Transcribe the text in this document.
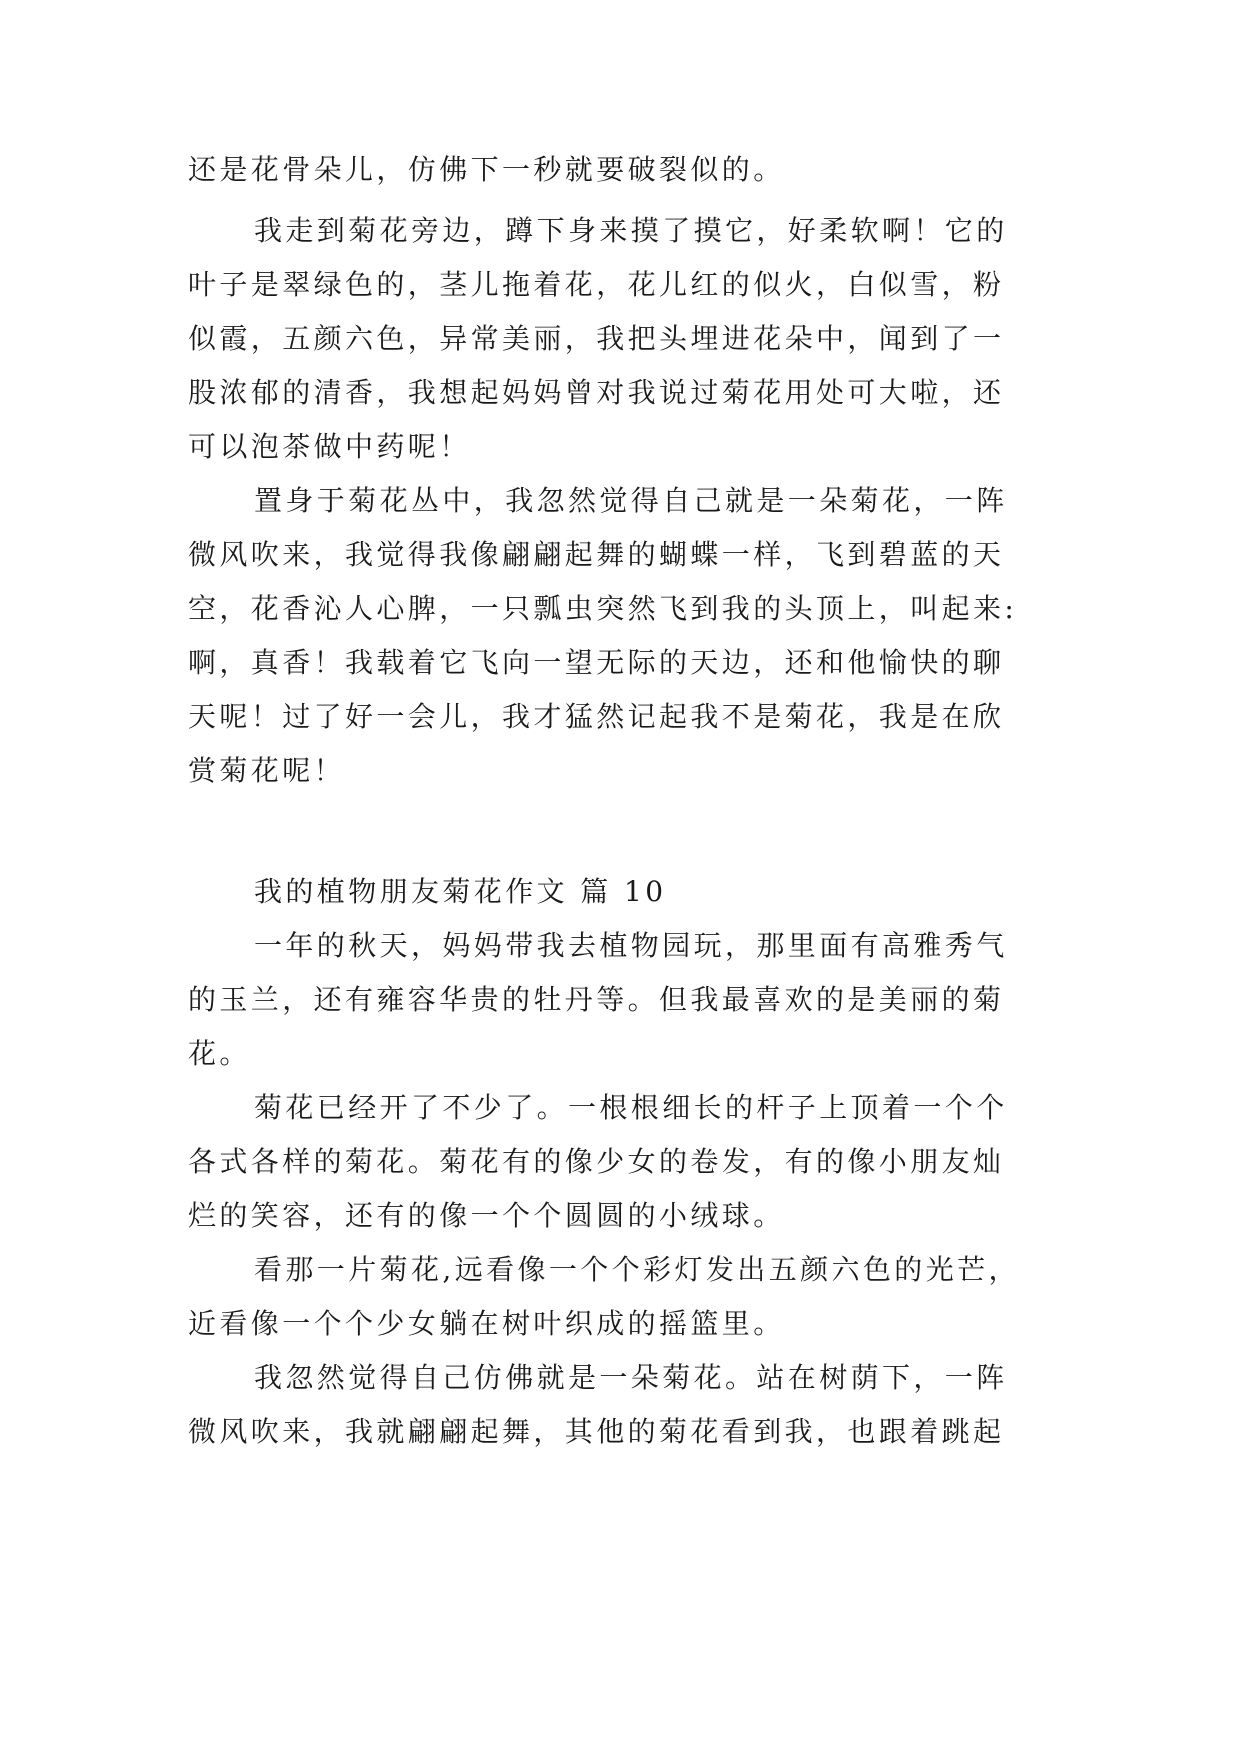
还是花骨朵儿，仿佛下一秒就要破裂似的。
我走到菊花旁边，蹲下身来摸了摸它，好柔软啊！它的
叶子是翠绿色的，茎儿拖着花，花儿红的似火，白似雪，粉
似霞，五颜六色，异常美丽，我把头埋进花朵中，闻到了一
股浓郁的清香，我想起妈妈曾对我说过菊花用处可大啦，还
可以泡茶做中药呢！
置身于菊花丛中，我忽然觉得自己就是一朵菊花，一阵
微风吹来，我觉得我像翩翩起舞的蝴蝶一样，飞到碧蓝的天
空，花香沁人心脾，一只瓢虫突然飞到我的头顶上，叫起来:
啊，真香！我载着它飞向一望无际的天边，还和他愉快的聊
天呢！过了好一会儿，我才猛然记起我不是菊花，我是在欣
赏菊花呢！
我的植物朋友菊花作文 篇 10
一年的秋天，妈妈带我去植物园玩，那里面有高雅秀气
的玉兰，还有雍容华贵的牡丹等。但我最喜欢的是美丽的菊
花。
菊花已经开了不少了。一根根细长的杆子上顶着一个个
各式各样的菊花。菊花有的像少女的卷发，有的像小朋友灿
烂的笑容，还有的像一个个圆圆的小绒球。
看那一片菊花,远看像一个个彩灯发出五颜六色的光芒，
近看像一个个少女躺在树叶织成的摇篮里。
我忽然觉得自己仿佛就是一朵菊花。站在树荫下，一阵
微风吹来，我就翩翩起舞，其他的菊花看到我，也跟着跳起
